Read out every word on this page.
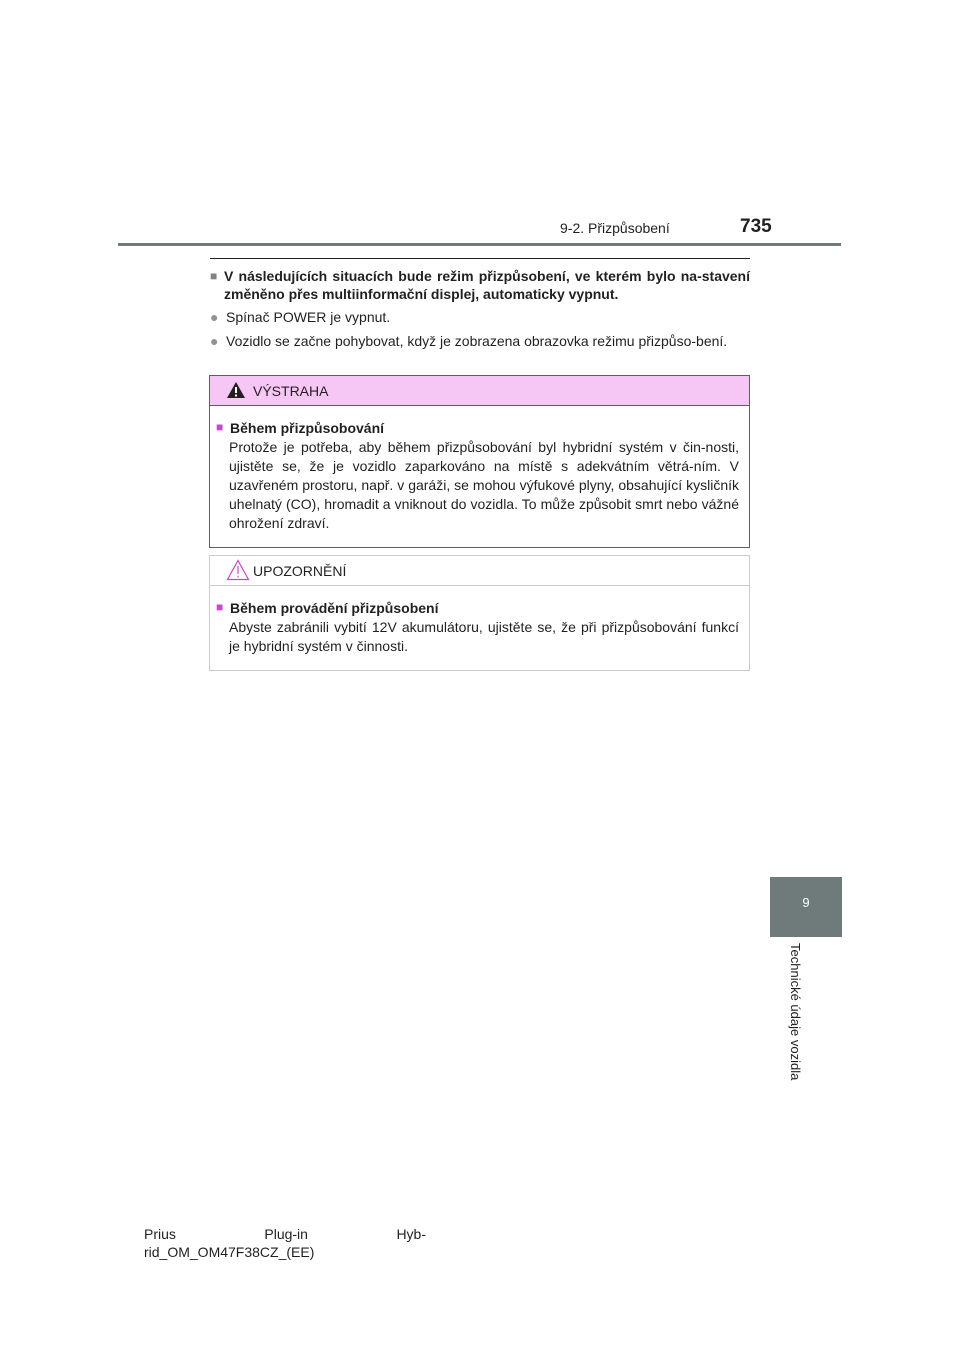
9-2. Přizpůsobení	735
9
Technické údaje vozidla
■ V následujících situacích bude režim přizpůsobení, ve kterém bylo na-stavení změněno přes multiinformační displej, automaticky vypnut.
● Spínač POWER je vypnut.
● Vozidlo se začne pohybovat, když je zobrazena obrazovka režimu přizpůso-bení.
VÝSTRAHA
■ Během přizpůsobování
Protože je potřeba, aby během přizpůsobování byl hybridní systém v čin-nosti, ujistěte se, že je vozidlo zaparkováno na místě s adekvátním větrá-ním. V uzavřeném prostoru, např. v garáži, se mohou výfukové plyny, obsahující kysličník uhelnatý (CO), hromadit a vniknout do vozidla. To může způsobit smrt nebo vážné ohrožení zdraví.
UPOZORNĚNÍ
■ Během provádění přizpůsobení
Abyste zabránili vybití 12V akumulátoru, ujistěte se, že při přizpůsobování funkcí je hybridní systém v činnosti.
Prius	Plug-in	Hyb-
rid_OM_OM47F38CZ_(EE)
